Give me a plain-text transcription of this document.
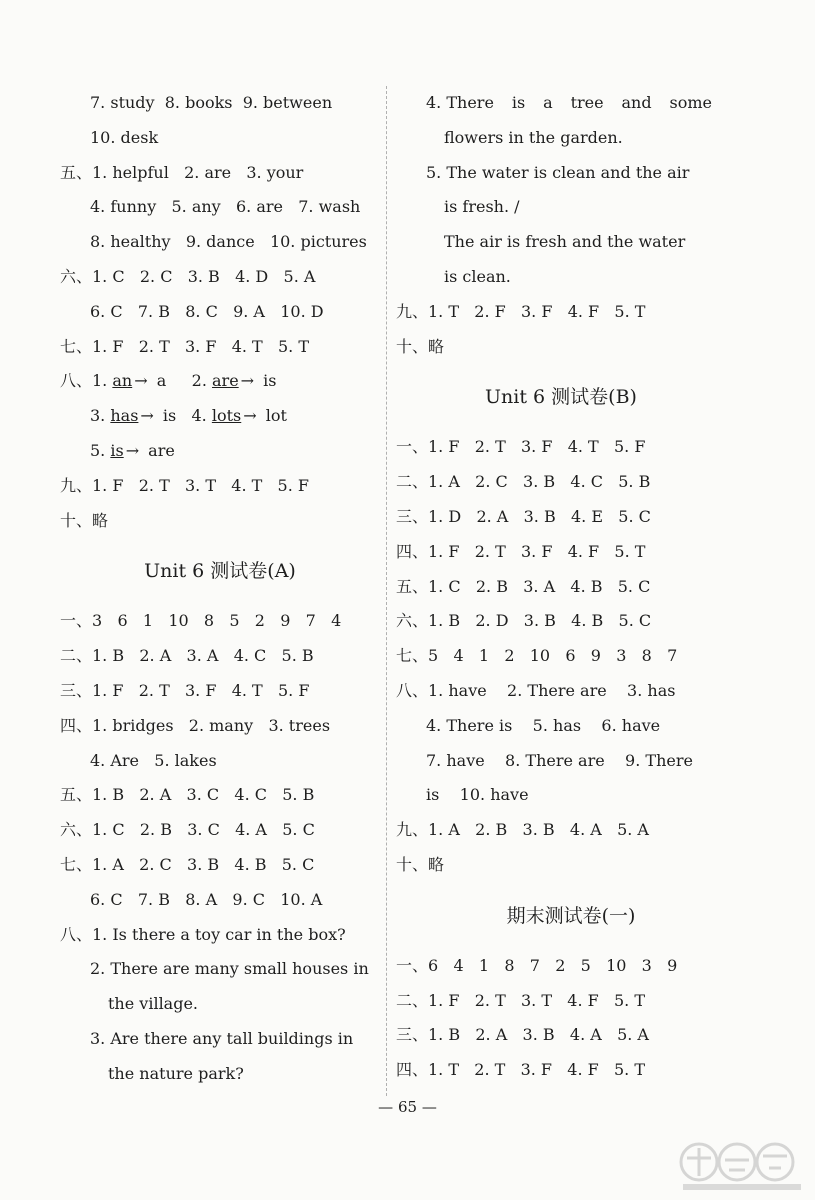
7. study  8. books  9. between
10. desk
五、1. helpful   2. are   3. your
4. funny   5. any   6. are   7. wash
8. healthy   9. dance   10. pictures
六、1. C   2. C   3. B   4. D   5. A
6. C   7. B   8. C   9. A   10. D
七、1. F   2. T   3. F   4. T   5. T
八、1. an → a     2. are → is
3. has → is   4. lots → lot
5. is → are
九、1. F   2. T   3. T   4. T   5. F
十、略
Unit 6 测试卷(A)
一、3   6   1   10   8   5   2   9   7   4
二、1. B   2. A   3. A   4. C   5. B
三、1. F   2. T   3. F   4. T   5. F
四、1. bridges   2. many   3. trees
4. Are   5. lakes
五、1. B   2. A   3. C   4. C   5. B
六、1. C   2. B   3. C   4. A   5. C
七、1. A   2. C   3. B   4. B   5. C
6. C   7. B   8. A   9. C   10. A
八、1. Is there a toy car in the box?
2. There are many small houses in
the village.
3. Are there any tall buildings in
the nature park?
4. There is a tree and some
flowers in the garden.
5. The water is clean and the air
is fresh. /
The air is fresh and the water
is clean.
九、1. T   2. F   3. F   4. F   5. T
十、略
Unit 6 测试卷(B)
一、1. F   2. T   3. F   4. T   5. F
二、1. A   2. C   3. B   4. C   5. B
三、1. D   2. A   3. B   4. E   5. C
四、1. F   2. T   3. F   4. F   5. T
五、1. C   2. B   3. A   4. B   5. C
六、1. B   2. D   3. B   4. B   5. C
七、5   4   1   2   10   6   9   3   8   7
八、1. have    2. There are    3. has
4. There is    5. has    6. have
7. have    8. There are    9. There
is    10. have
九、1. A   2. B   3. B   4. A   5. A
十、略
期末测试卷(一)
一、6   4   1   8   7   2   5   10   3   9
二、1. F   2. T   3. T   4. F   5. T
三、1. B   2. A   3. B   4. A   5. A
四、1. T   2. T   3. F   4. F   5. T
— 65 —
